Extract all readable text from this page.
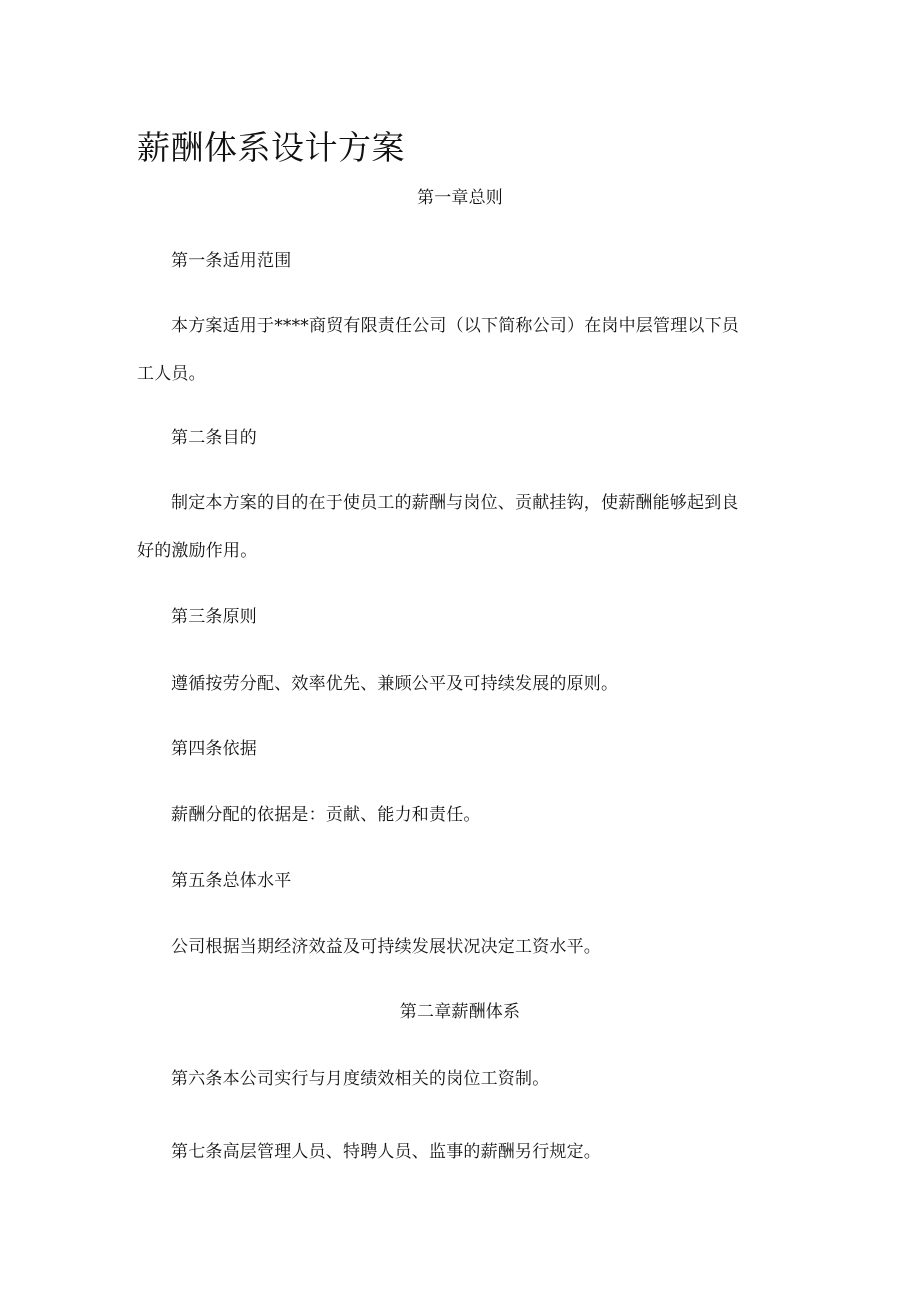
薪酬体系设计方案
第一章总则
第一条适用范围
本方案适用于****商贸有限责任公司（以下简称公司）在岗中层管理以下员
工人员。
第二条目的
制定本方案的目的在于使员工的薪酬与岗位、贡献挂钩，使薪酬能够起到良
好的激励作用。
第三条原则
遵循按劳分配、效率优先、兼顾公平及可持续发展的原则。
第四条依据
薪酬分配的依据是：贡献、能力和责任。
第五条总体水平
公司根据当期经济效益及可持续发展状况决定工资水平。
第二章薪酬体系
第六条本公司实行与月度绩效相关的岗位工资制。
第七条高层管理人员、特聘人员、监事的薪酬另行规定。
